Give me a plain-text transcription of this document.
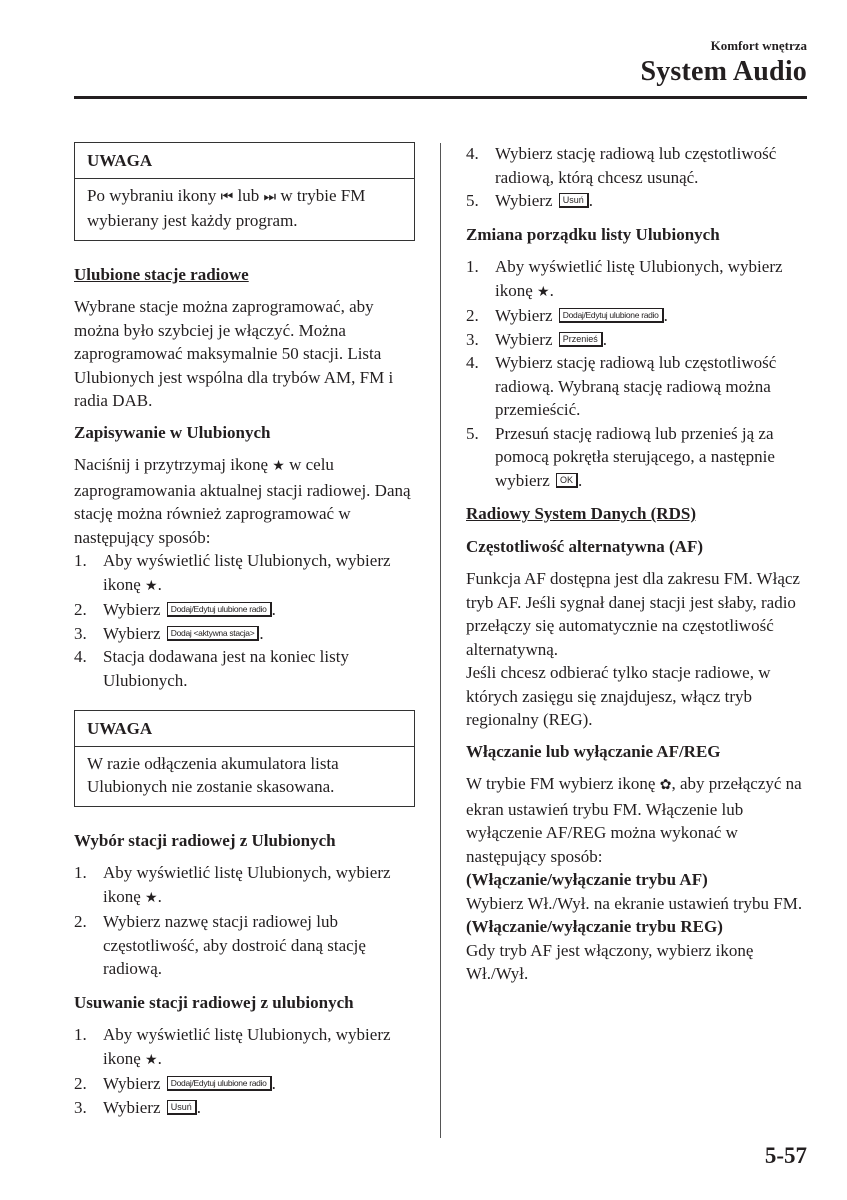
Komfort wnętrza
System Audio
UWAGA
Po wybraniu ikony ⏮ lub ⏭ w trybie FM wybierany jest każdy program.
Ulubione stacje radiowe

Wybrane stacje można zaprogramować, aby można było szybciej je włączyć. Można zaprogramować maksymalnie 50 stacji. Lista Ulubionych jest wspólna dla trybów AM, FM i radia DAB.

Zapisywanie w Ulubionych

Naciśnij i przytrzymaj ikonę ★ w celu zaprogramowania aktualnej stacji radiowej. Daną stację można również zaprogramować w następujący sposób:

1. Aby wyświetlić listę Ulubionych, wybierz ikonę ★.
2. Wybierz Dodaj/Edytuj ulubione radio .
3. Wybierz Dodaj <aktywna stacja> .
4. Stacja dodawana jest na koniec listy Ulubionych.
UWAGA
W razie odłączenia akumulatora lista Ulubionych nie zostanie skasowana.
Wybór stacji radiowej z Ulubionych
1. Aby wyświetlić listę Ulubionych, wybierz ikonę ★.
2. Wybierz nazwę stacji radiowej lub częstotliwość, aby dostroić daną stację radiową.
Usuwanie stacji radiowej z ulubionych
1. Aby wyświetlić listę Ulubionych, wybierz ikonę ★.
2. Wybierz Dodaj/Edytuj ulubione radio .
3. Wybierz Usuń .
4. Wybierz stację radiową lub częstotliwość radiową, którą chcesz usunąć.
5. Wybierz Usuń .
Zmiana porządku listy Ulubionych
1. Aby wyświetlić listę Ulubionych, wybierz ikonę ★.
2. Wybierz Dodaj/Edytuj ulubione radio .
3. Wybierz Przenieś .
4. Wybierz stację radiową lub częstotliwość radiową. Wybraną stację radiową można przemieścić.
5. Przesuń stację radiową lub przenieś ją za pomocą pokrętła sterującego, a następnie wybierz OK .
Radiowy System Danych (RDS)
Częstotliwość alternatywna (AF)

Funkcja AF dostępna jest dla zakresu FM. Włącz tryb AF. Jeśli sygnał danej stacji jest słaby, radio przełączy się automatycznie na częstotliwość alternatywną.

Jeśli chcesz odbierać tylko stacje radiowe, w których zasięgu się znajdujesz, włącz tryb regionalny (REG).

Włączanie lub wyłączanie AF/REG

W trybie FM wybierz ikonę ✿, aby przełączyć na ekran ustawień trybu FM. Włączenie lub wyłączenie AF/REG można wykonać w następujący sposób:

(Włączanie/wyłączanie trybu AF)
Wybierz Wł./Wył. na ekranie ustawień trybu FM.
(Włączanie/wyłączanie trybu REG)
Gdy tryb AF jest włączony, wybierz ikonę Wł./Wył.
5-57
